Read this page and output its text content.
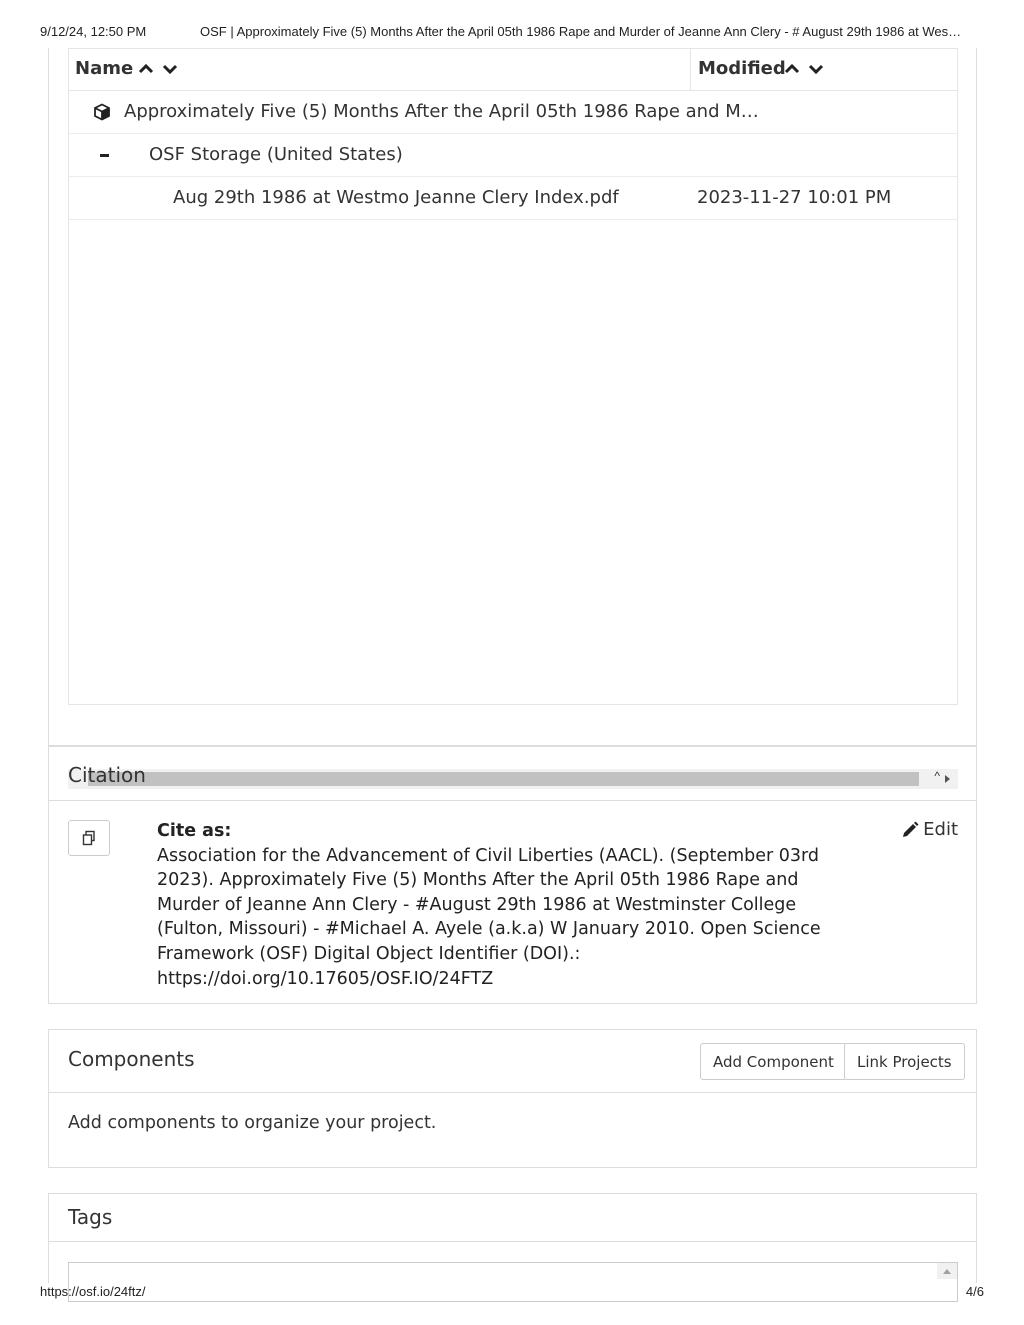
9/12/24, 12:50 PM	OSF | Approximately Five (5) Months After the April 05th 1986 Rape and Murder of Jeanne Ann Clery - # August 29th 1986 at Wes…
Name	Modified
Approximately Five (5) Months After the April 05th 1986 Rape and M…
OSF Storage (United States)
Aug 29th 1986 at Westmo Jeanne Clery Index.pdf	2023-11-27 10:01 PM
^
Citation
Cite as:
Association for the Advancement of Civil Liberties (AACL). (September 03rd 2023). Approximately Five (5) Months After the April 05th 1986 Rape and Murder of Jeanne Ann Clery - #August 29th 1986 at Westminster College (Fulton, Missouri) - #Michael A. Ayele (a.k.a) W January 2010. Open Science Framework (OSF) Digital Object Identifier (DOI).: https://doi.org/10.17605/OSF.IO/24FTZ
Edit
Components	Add Component	Link Projects
Add components to organize your project.
Tags
https://osf.io/24ftz/	4/6
